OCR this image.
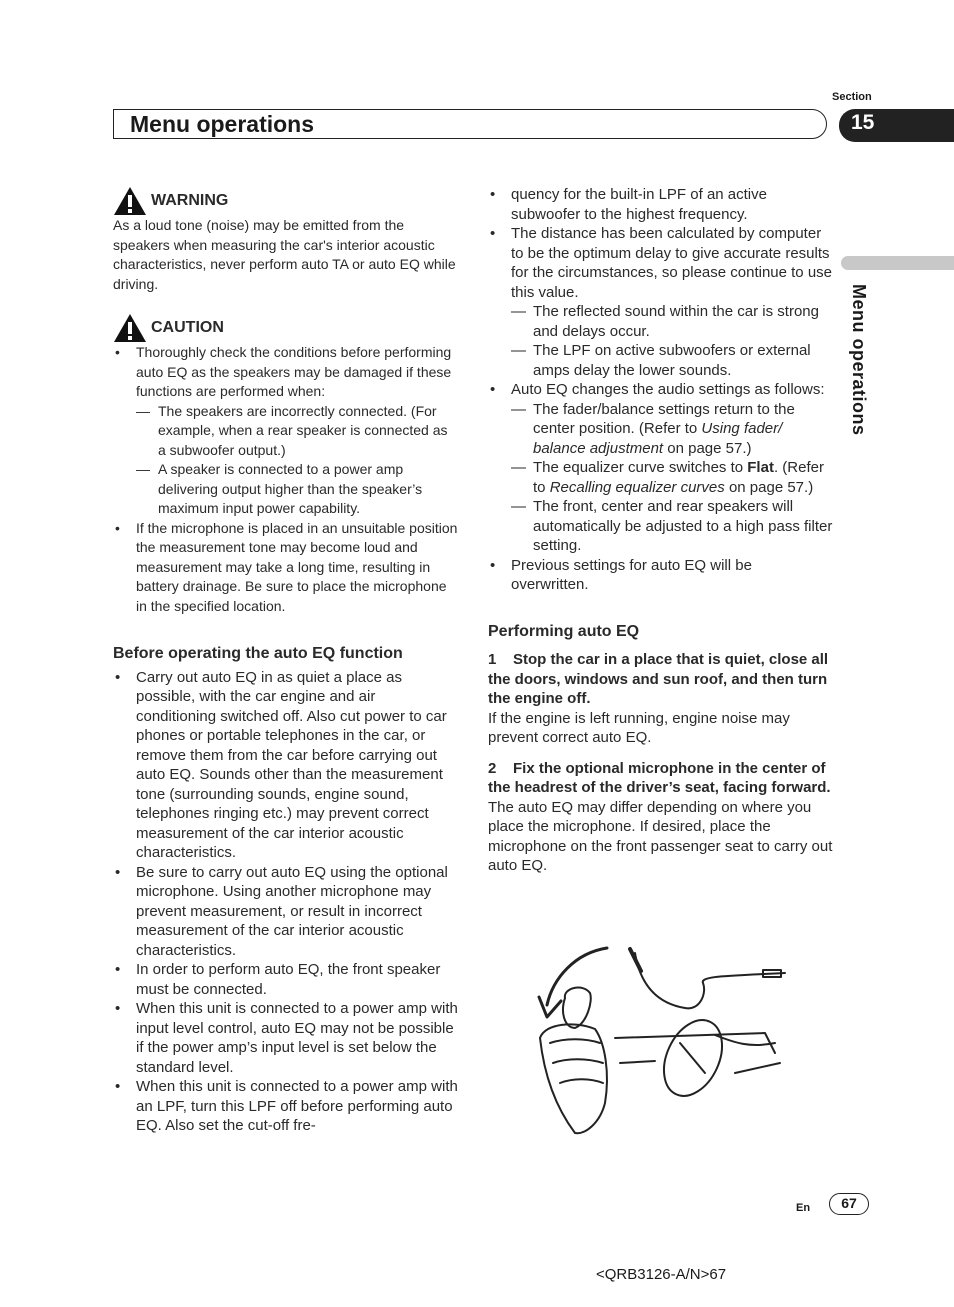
Section
Menu operations	15
Menu operations
WARNING

As a loud tone (noise) may be emitted from the speakers when measuring the car's interior acoustic characteristics, never perform auto TA or auto EQ while driving.

CAUTION

• Thoroughly check the conditions before performing auto EQ as the speakers may be damaged if these functions are performed when:

— The speakers are incorrectly connected. (For example, when a rear speaker is connected as a subwoofer output.)

— A speaker is connected to a power amp delivering output higher than the speaker’s maximum input power capability.

• If the microphone is placed in an unsuitable position the measurement tone may become loud and measurement may take a long time, resulting in battery drainage. Be sure to place the microphone in the specified location.

Before operating the auto EQ function

• Carry out auto EQ in as quiet a place as possible, with the car engine and air conditioning switched off. Also cut power to car phones or portable telephones in the car, or remove them from the car before carrying out auto EQ. Sounds other than the measurement tone (surrounding sounds, engine sound, telephones ringing etc.) may prevent correct measurement of the car interior acoustic characteristics.

• Be sure to carry out auto EQ using the optional microphone. Using another microphone may prevent measurement, or result in incorrect measurement of the car interior acoustic characteristics.

• In order to perform auto EQ, the front speaker must be connected.

• When this unit is connected to a power amp with input level control, auto EQ may not be possible if the power amp’s input level is set below the standard level.

• When this unit is connected to a power amp with an LPF, turn this LPF off before performing auto EQ. Also set the cut-off fre-

• quency for the built-in LPF of an active subwoofer to the highest frequency.

• The distance has been calculated by computer to be the optimum delay to give accurate results for the circumstances, so please continue to use this value.

— The reflected sound within the car is strong and delays occur.

— The LPF on active subwoofers or external amps delay the lower sounds.

• Auto EQ changes the audio settings as follows:

— The fader/balance settings return to the center position. (Refer to Using fader/ balance adjustment on page 57.)

— The equalizer curve switches to Flat. (Refer to Recalling equalizer curves on page 57.)

— The front, center and rear speakers will automatically be adjusted to a high pass filter setting.

• Previous settings for auto EQ will be overwritten.

Performing auto EQ

1 Stop the car in a place that is quiet, close all the doors, windows and sun roof, and then turn the engine off.

If the engine is left running, engine noise may prevent correct auto EQ.

2 Fix the optional microphone in the center of the headrest of the driver’s seat, facing forward.

The auto EQ may differ depending on where you place the microphone. If desired, place the microphone on the front passenger seat to carry out auto EQ.

En	67
<QRB3126-A/N>67
